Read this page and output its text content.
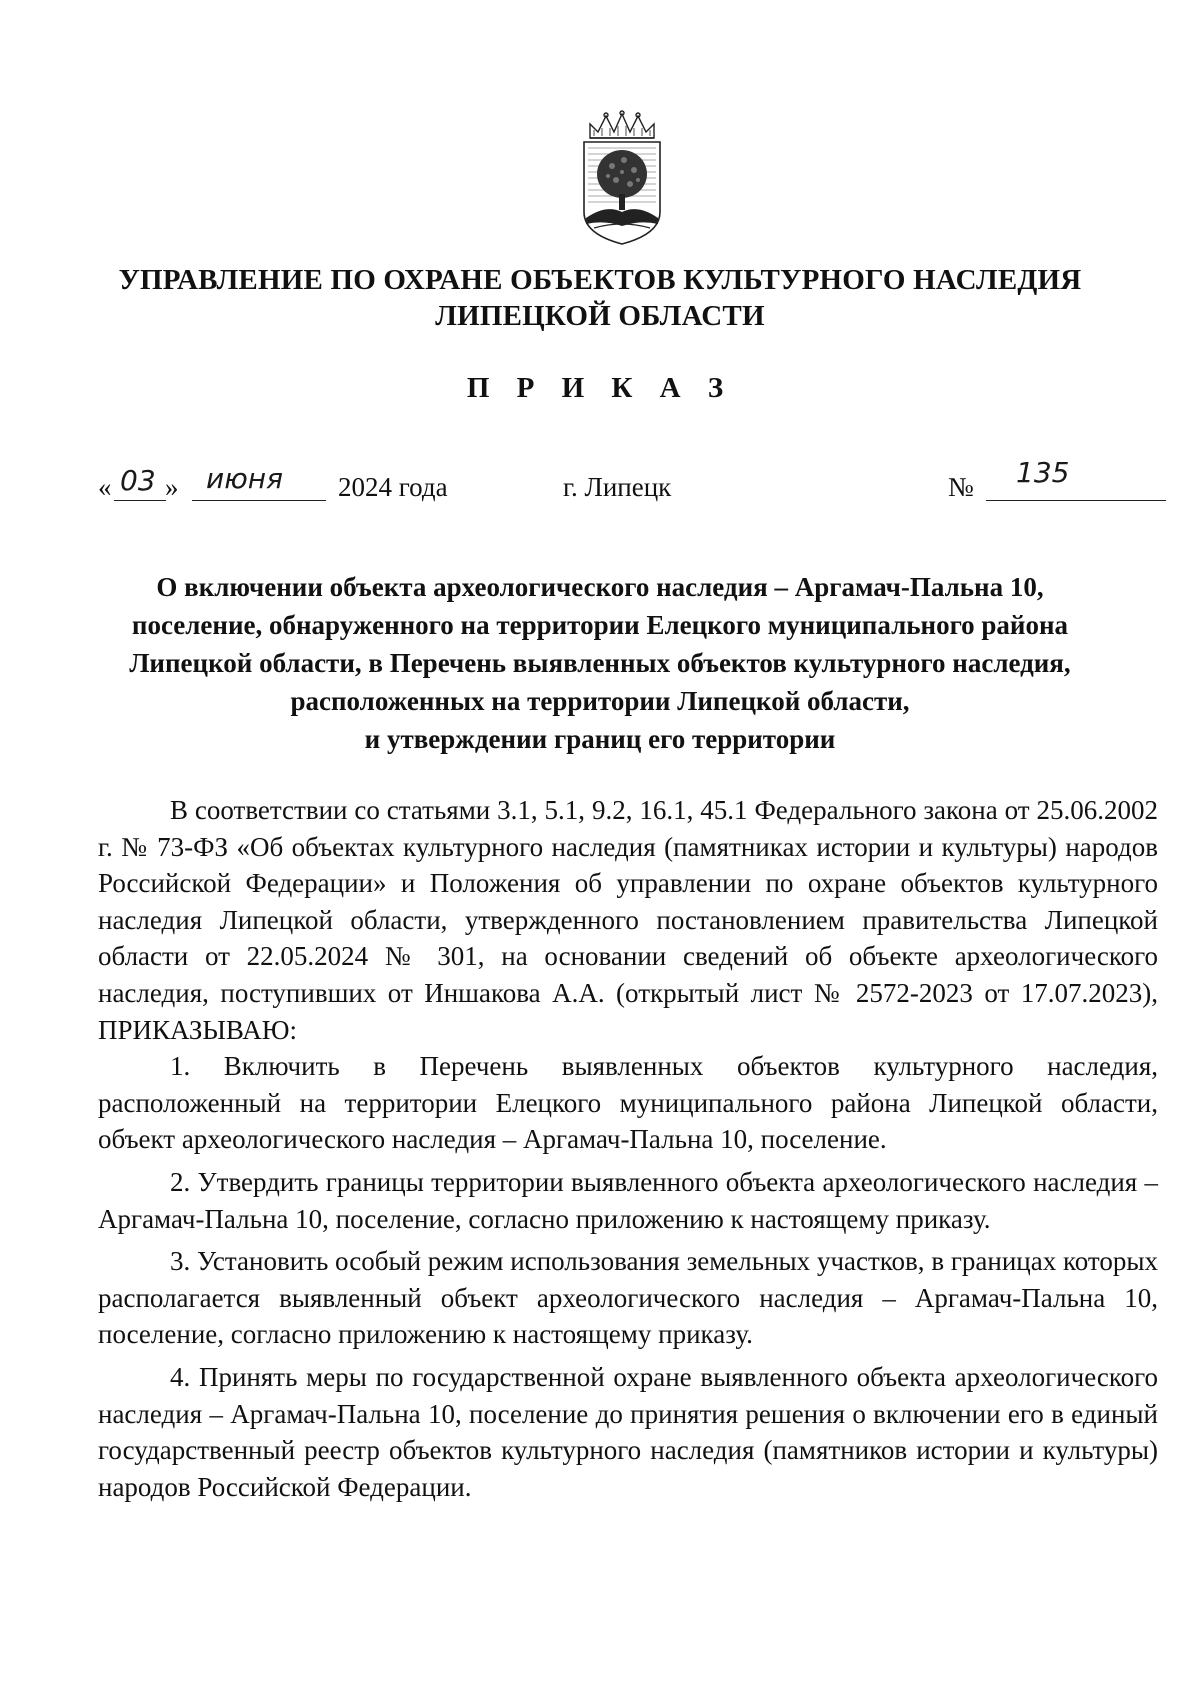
УПРАВЛЕНИЕ ПО ОХРАНЕ ОБЪЕКТОВ КУЛЬТУРНОГО НАСЛЕДИЯ
ЛИПЕЦКОЙ ОБЛАСТИ
П Р И К А З
« 03 » июня 2024 года	г. Липецк	№ 135
О включении объекта археологического наследия – Аргамач-Пальна 10,
поселение, обнаруженного на территории Елецкого муниципального района
Липецкой области, в Перечень выявленных объектов культурного наследия,
расположенных на территории Липецкой области,
и утверждении границ его территории

В соответствии со статьями 3.1, 5.1, 9.2, 16.1, 45.1 Федерального закона от 25.06.2002 г. № 73-ФЗ «Об объектах культурного наследия (памятниках истории и культуры) народов Российской Федерации» и Положения об управлении по охране объектов культурного наследия Липецкой области, утвержденного постановлением правительства Липецкой области от 22.05.2024 № 301, на основании сведений об объекте археологического наследия, поступивших от Иншакова А.А. (открытый лист № 2572-2023 от 17.07.2023), ПРИКАЗЫВАЮ:

1. Включить в Перечень выявленных объектов культурного наследия, расположенный на территории Елецкого муниципального района Липецкой области, объект археологического наследия – Аргамач-Пальна 10, поселение.

2. Утвердить границы территории выявленного объекта археологического наследия – Аргамач-Пальна 10, поселение, согласно приложению к настоящему приказу.

3. Установить особый режим использования земельных участков, в границах которых располагается выявленный объект археологического наследия – Аргамач-Пальна 10, поселение, согласно приложению к настоящему приказу.

4. Принять меры по государственной охране выявленного объекта археологического наследия – Аргамач-Пальна 10, поселение до принятия решения о включении его в единый государственный реестр объектов культурного наследия (памятников истории и культуры) народов Российской Федерации.
